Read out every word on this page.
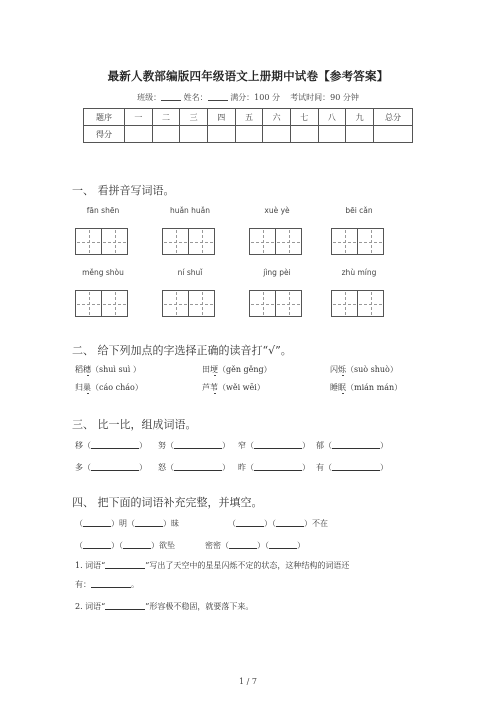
最新人教部编版四年级语文上册期中试卷【参考答案】
班级：	姓名：	满分：100 分 考试时间：90 分钟
题序	一	二	三	四	五	六	七	八	九	总分
得分										
一、 看拼音写词语。
fān shēn	huǎn huǎn	xuè yè	bēi cǎn
měng shòu	ní shuǐ	jìng pèi	zhù míng
二、 给下列加点的字选择正确的读音打“√”。
稻穗（shuì suì ）	田埂（gěn gěng）	闪烁（suò shuò）
归巢（cáo cháo）	芦苇（wěi wēi）	睡眠（mián mán）
三、 比一比，组成词语。
移（	） 努（	） 窄（	） 郁（	）
多（	） 怒（	） 昨（	） 有（	）
四、 把下面的词语补充完整，并填空。
（	）明（	）昧	（	）（	）不在
（	）（	）欲坠	密密（	）（	）
1. 词语“	”写出了天空中的星星闪烁不定的状态，这种结构的词语还
有：	。
2. 词语“	”形容极不稳固，就要落下来。
1 / 7
